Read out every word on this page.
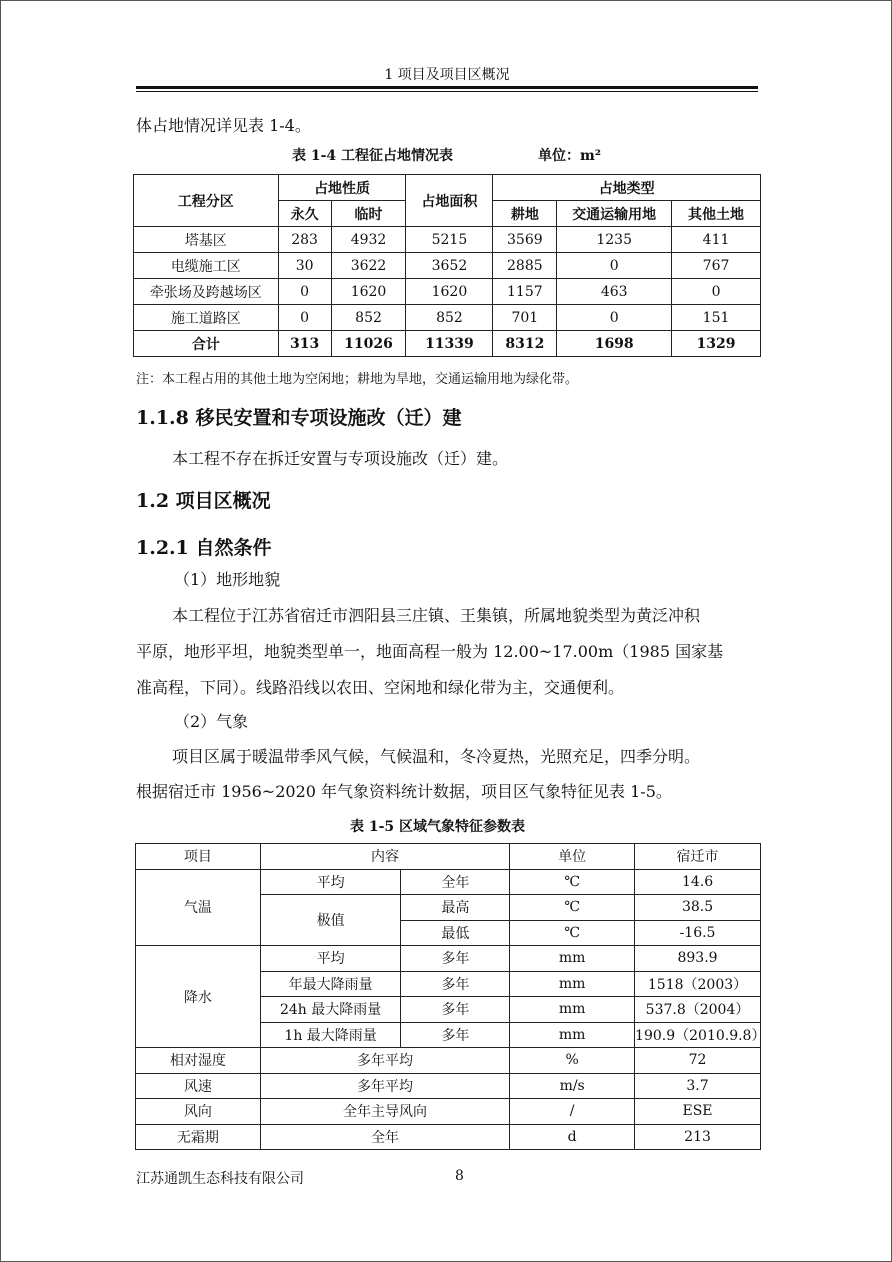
1 项目及项目区概况
体占地情况详见表 1-4。
表 1-4 工程征占地情况表	单位：m²
工程分区	占地性质		占地面积	占地类型		
	永久	临时		耕地	交通运输用地	其他土地
塔基区	283	4932	5215	3569	1235	411
电缆施工区	30	3622	3652	2885	0	767
牵张场及跨越场区	0	1620	1620	1157	463	0
施工道路区	0	852	852	701	0	151
合计	313	11026	11339	8312	1698	1329
注：本工程占用的其他土地为空闲地；耕地为旱地，交通运输用地为绿化带。
1.1.8 移民安置和专项设施改（迁）建
本工程不存在拆迁安置与专项设施改（迁）建。
1.2 项目区概况
1.2.1 自然条件
（1）地形地貌
本工程位于江苏省宿迁市泗阳县三庄镇、王集镇，所属地貌类型为黄泛冲积
平原，地形平坦，地貌类型单一，地面高程一般为 12.00~17.00m（1985 国家基
准高程，下同）。线路沿线以农田、空闲地和绿化带为主，交通便利。
（2）气象
项目区属于暖温带季风气候，气候温和，冬冷夏热，光照充足，四季分明。
根据宿迁市 1956~2020 年气象资料统计数据，项目区气象特征见表 1-5。
表 1-5 区域气象特征参数表
项目	内容		单位	宿迁市
气温	平均	全年	℃	14.6
	极值	最高	℃	38.5
		最低	℃	-16.5
降水	平均	多年	mm	893.9
	年最大降雨量	多年	mm	1518（2003）
	24h 最大降雨量	多年	mm	537.8（2004）
	1h 最大降雨量	多年	mm	190.9（2010.9.8）
相对湿度	多年平均		%	72
风速	多年平均		m/s	3.7
风向	全年主导风向		/	ESE
无霜期	全年		d	213
江苏通凯生态科技有限公司	8
